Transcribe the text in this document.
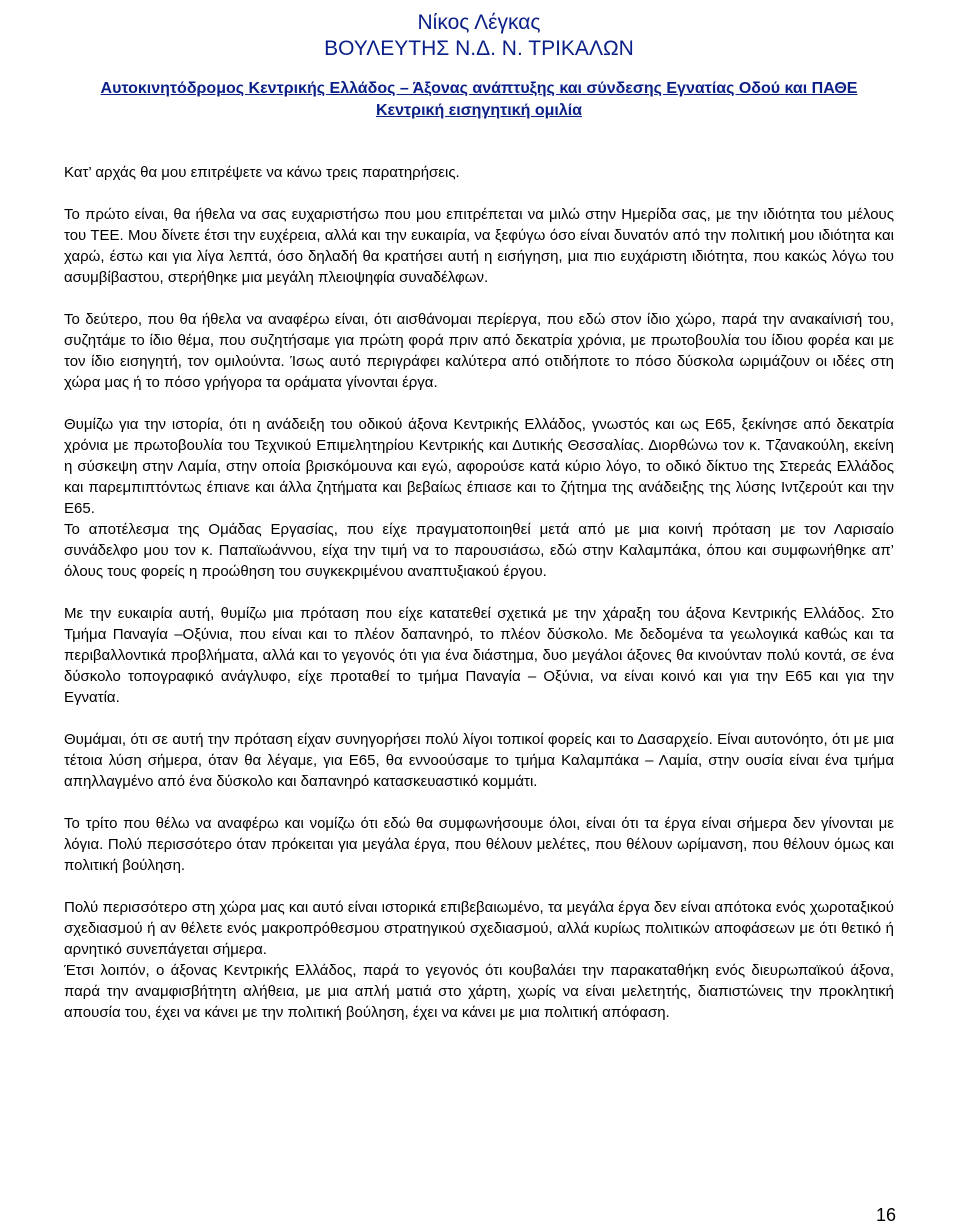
Νίκος Λέγκας
ΒΟΥΛΕΥΤΗΣ Ν.Δ. Ν. ΤΡΙΚΑΛΩΝ
Αυτοκινητόδρομος Κεντρικής Ελλάδος – Άξονας ανάπτυξης και σύνδεσης Εγνατίας Οδού και ΠΑΘΕ
Κεντρική εισηγητική ομιλία

Κατ’ αρχάς θα μου επιτρέψετε να κάνω τρεις παρατηρήσεις.

Το πρώτο είναι, θα ήθελα να σας ευχαριστήσω που μου επιτρέπεται να μιλώ στην Ημερίδα σας, με την ιδιότητα του μέλους του ΤΕΕ. Μου δίνετε έτσι την ευχέρεια, αλλά και την ευκαιρία, να ξεφύγω όσο είναι δυνατόν από την πολιτική μου ιδιότητα και χαρώ, έστω και για λίγα λεπτά, όσο δηλαδή θα κρατήσει αυτή η εισήγηση, μια πιο ευχάριστη ιδιότητα, που κακώς λόγω του ασυμβίβαστου, στερήθηκε μια μεγάλη πλειοψηφία συναδέλφων.

Το δεύτερο, που θα ήθελα να αναφέρω είναι, ότι αισθάνομαι περίεργα, που εδώ στον ίδιο χώρο, παρά την ανακαίνισή του, συζητάμε το ίδιο θέμα, που συζητήσαμε για πρώτη φορά πριν από δεκατρία χρόνια, με πρωτοβουλία του ίδιου φορέα και με τον ίδιο εισηγητή, τον ομιλούντα. Ίσως αυτό περιγράφει καλύτερα από οτιδήποτε το πόσο δύσκολα ωριμάζουν οι ιδέες στη χώρα μας ή το πόσο γρήγορα τα οράματα γίνονται έργα.

Θυμίζω για την ιστορία, ότι η ανάδειξη του οδικού άξονα Κεντρικής Ελλάδος, γνωστός και ως Ε65, ξεκίνησε από δεκατρία χρόνια με πρωτοβουλία του Τεχνικού Επιμελητηρίου Κεντρικής και Δυτικής Θεσσαλίας. Διορθώνω τον κ. Τζανακούλη, εκείνη η σύσκεψη στην Λαμία, στην οποία βρισκόμουνα και εγώ, αφορούσε κατά κύριο λόγο, το οδικό δίκτυο της Στερεάς Ελλάδος και παρεμπιπτόντως έπιανε και άλλα ζητήματα και βεβαίως έπιασε και το ζήτημα της ανάδειξης της λύσης Ιντζερούτ και την Ε65.

Το αποτέλεσμα της Ομάδας Εργασίας, που είχε πραγματοποιηθεί μετά από με μια κοινή πρόταση με τον Λαρισαίο συνάδελφο μου τον κ. Παπαϊωάννου, είχα την τιμή να το παρουσιάσω, εδώ στην Καλαμπάκα, όπου και συμφωνήθηκε απ’ όλους τους φορείς η προώθηση του συγκεκριμένου αναπτυξιακού έργου.

Με την ευκαιρία αυτή, θυμίζω μια πρόταση που είχε κατατεθεί σχετικά με την χάραξη του άξονα Κεντρικής Ελλάδος. Στο Τμήμα Παναγία –Οξύνια, που είναι και το πλέον δαπανηρό, το πλέον δύσκολο. Με δεδομένα τα γεωλογικά καθώς και τα περιβαλλοντικά προβλήματα, αλλά και το γεγονός ότι για ένα διάστημα, δυο μεγάλοι άξονες θα κινούνταν πολύ κοντά, σε ένα δύσκολο τοπογραφικό ανάγλυφο, είχε προταθεί το τμήμα Παναγία – Οξύνια, να είναι κοινό και για την Ε65 και για την Εγνατία.

Θυμάμαι, ότι σε αυτή την πρόταση είχαν συνηγορήσει πολύ λίγοι τοπικοί φορείς και το Δασαρχείο. Είναι αυτονόητο, ότι με μια τέτοια λύση σήμερα, όταν θα λέγαμε, για Ε65, θα εννοούσαμε το τμήμα Καλαμπάκα – Λαμία, στην ουσία είναι ένα τμήμα απηλλαγμένο από ένα δύσκολο και δαπανηρό κατασκευαστικό κομμάτι.

Το τρίτο που θέλω να αναφέρω και νομίζω ότι εδώ θα συμφωνήσουμε όλοι, είναι ότι τα έργα είναι σήμερα δεν γίνονται με λόγια. Πολύ περισσότερο όταν πρόκειται για μεγάλα έργα, που θέλουν μελέτες, που θέλουν ωρίμανση, που θέλουν όμως και πολιτική βούληση.

Πολύ περισσότερο στη χώρα μας και αυτό είναι ιστορικά επιβεβαιωμένο, τα μεγάλα έργα δεν είναι απότοκα ενός χωροταξικού σχεδιασμού ή αν θέλετε ενός μακροπρόθεσμου στρατηγικού σχεδιασμού, αλλά κυρίως πολιτικών αποφάσεων με ότι θετικό ή αρνητικό συνεπάγεται σήμερα.

Έτσι λοιπόν, ο άξονας Κεντρικής Ελλάδος, παρά το γεγονός ότι κουβαλάει την παρακαταθήκη ενός διευρωπαϊκού άξονα, παρά την αναμφισβήτητη αλήθεια, με μια απλή ματιά στο χάρτη, χωρίς να είναι μελετητής, διαπιστώνεις την προκλητική απουσία του, έχει να κάνει με την πολιτική βούληση, έχει να κάνει με μια πολιτική απόφαση.

16
